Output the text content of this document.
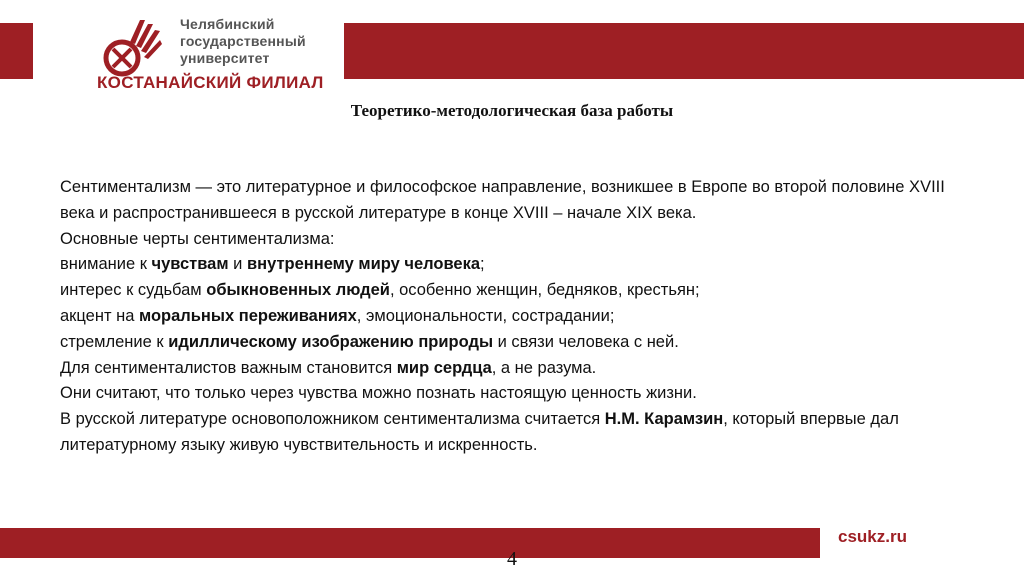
Челябинский
государственный
университет
КОСТАНАЙСКИЙ ФИЛИАЛ
Теоретико-методологическая база работы

Сентиментализм — это литературное и философское направление, возникшее в Европе во второй половине XVIII века и распространившееся в русской литературе в конце XVIII – начале XIX века.

Основные черты сентиментализма:

внимание к чувствам и внутреннему миру человека;

интерес к судьбам обыкновенных людей, особенно женщин, бедняков, крестьян;

акцент на моральных переживаниях, эмоциональности, сострадании;

стремление к идиллическому изображению природы и связи человека с ней.

Для сентименталистов важным становится мир сердца, а не разума.

Они считают, что только через чувства можно познать настоящую ценность жизни.

В русской литературе основоположником сентиментализма считается Н.М. Карамзин, который впервые дал литературному языку живую чувствительность и искренность.

csukz.ru
4
